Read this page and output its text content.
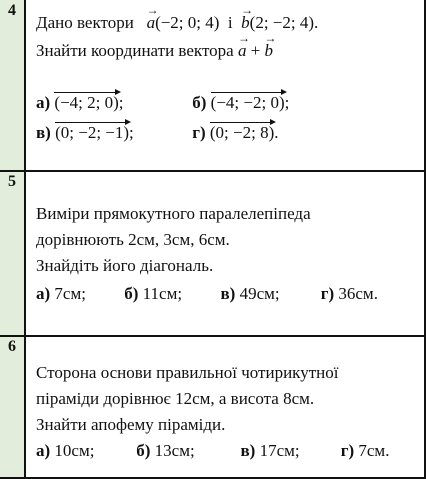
4
Дано вектори → a(−2; 0; 4) і → b(2; −2; 4).
Знайти координати вектора → a + → b
а) (−4; 2; 0);	б) (−4; −2; 0);
в) (0; −2; −1);	г) (0; −2; 8).
5
Виміри прямокутного паралелепіпеда
дорівнюють 2см, 3см, 6см.
Знайдіть його діагональ.
а) 7см; б) 11см; в) 49см; г) 36см.
6
Сторона основи правильної чотирикутної
піраміди дорівнює 12см, а висота 8см.
Знайти апофему піраміди.
а) 10см; б) 13см;	в) 17см; г) 7см.
